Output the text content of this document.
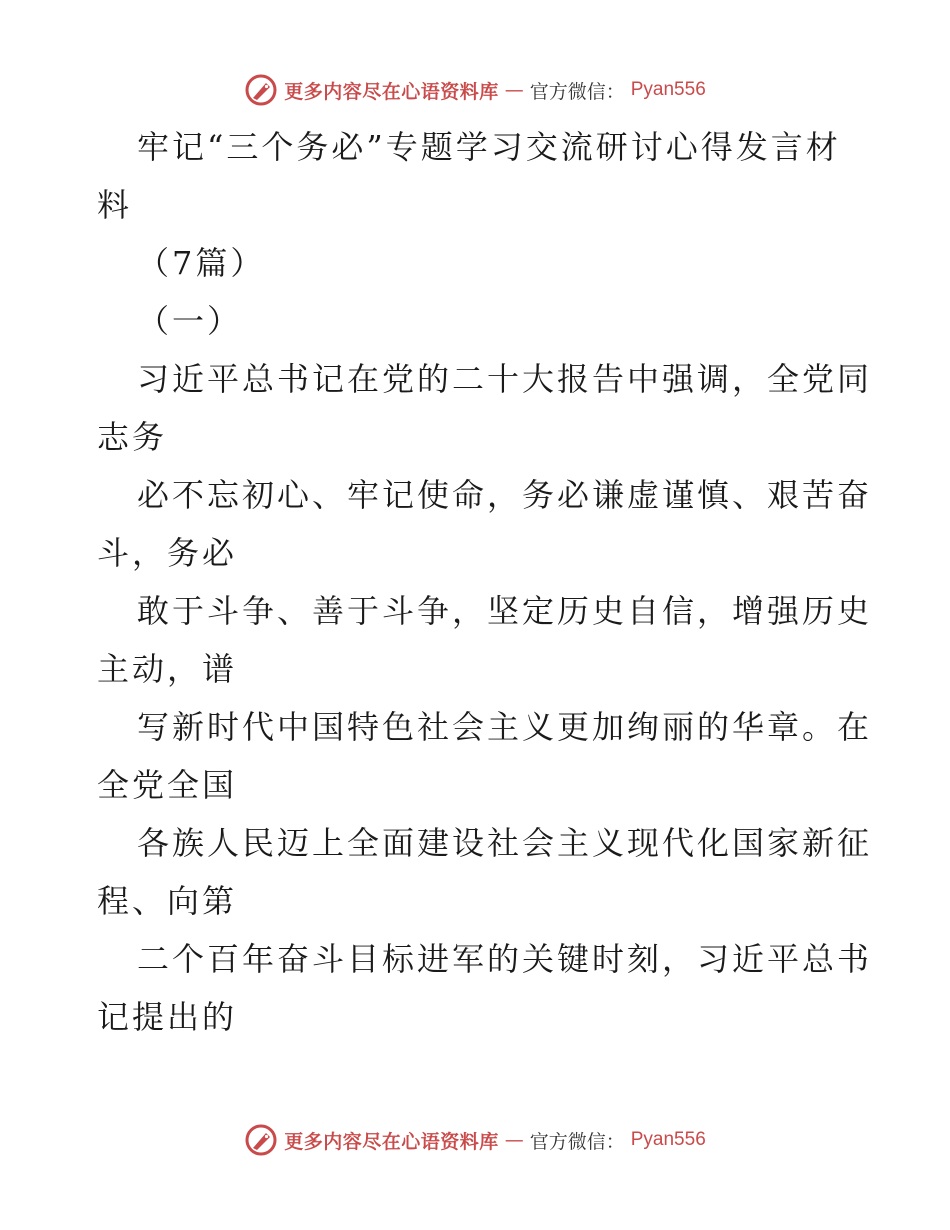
更多内容尽在心语资料库 — 官方微信： Pyan556
牢记“三个务必”专题学习交流研讨心得发言材
料
（7篇）
（一）
习近平总书记在党的二十大报告中强调，全党同
志务
必不忘初心、牢记使命，务必谦虚谨慎、艰苦奋
斗，务必
敢于斗争、善于斗争，坚定历史自信，增强历史
主动，谱
写新时代中国特色社会主义更加绚丽的华章。在
全党全国
各族人民迈上全面建设社会主义现代化国家新征
程、向第
二个百年奋斗目标进军的关键时刻，习近平总书
记提出的
更多内容尽在心语资料库 — 官方微信： Pyan556
